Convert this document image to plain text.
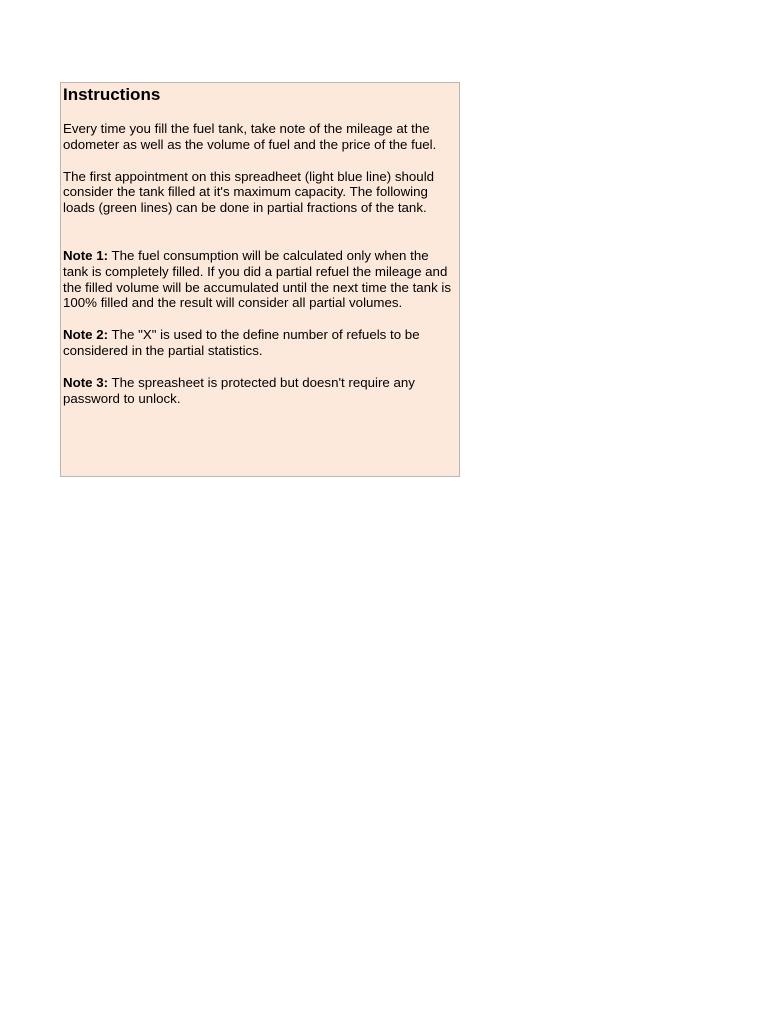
Instructions
Every time you fill the fuel tank, take note of the mileage at the odometer as well as the volume of fuel and the price of the fuel.
The first appointment on this spreadheet (light blue line) should consider the tank filled at it's maximum capacity. The following loads (green lines) can be done in partial fractions of the tank.
Note 1: The fuel consumption will be calculated only when the tank is completely filled. If you did a partial refuel the mileage and the filled volume will be accumulated until the next time the tank is 100% filled and the result will consider all partial volumes.
Note 2: The "X" is used to the define number of refuels to be considered in the partial statistics.
Note 3: The spreasheet is protected but doesn't require any password to unlock.
